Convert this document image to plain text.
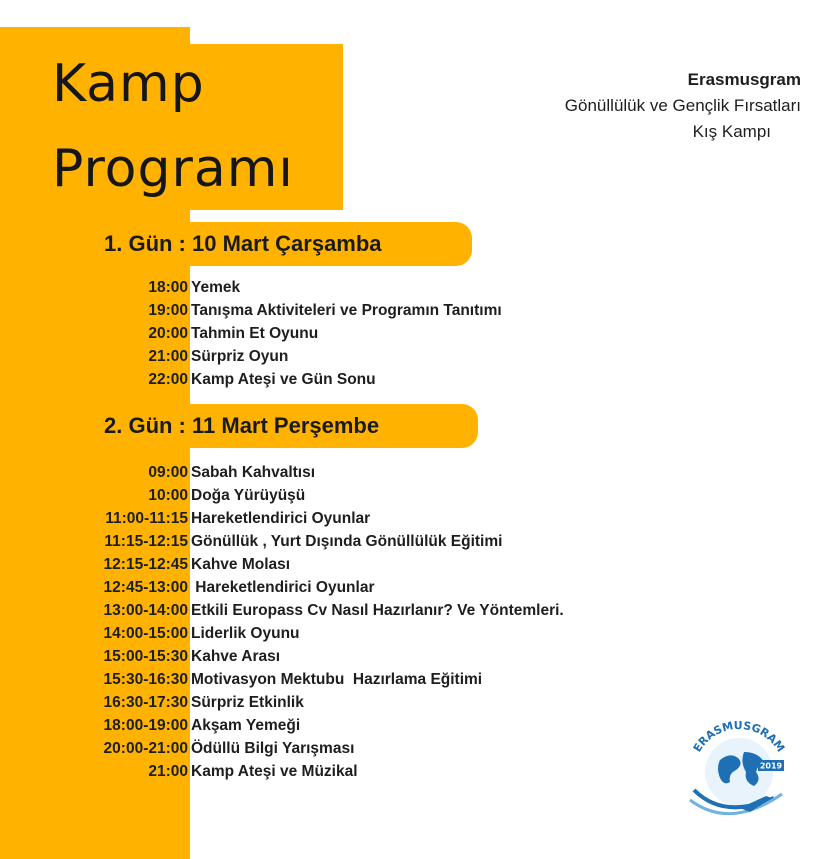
Kamp
Programı
Erasmusgram
Gönüllülük ve Gençlik Fırsatları
Kış Kampı
1. Gün : 10 Mart Çarşamba
18:00 Yemek
19:00 Tanışma Aktiviteleri ve Programın Tanıtımı
20:00 Tahmin Et Oyunu
21:00 Sürpriz Oyun
22:00 Kamp Ateşi ve Gün Sonu
2. Gün : 11 Mart Perşembe
09:00 Sabah Kahvaltısı
10:00 Doğa Yürüyüşü
11:00-11:15 Hareketlendirici Oyunlar
11:15-12:15 Gönüllük , Yurt Dışında Gönüllülük Eğitimi
12:15-12:45 Kahve Molası
12:45-13:00 Hareketlendirici Oyunlar
13:00-14:00 Etkili Europass Cv Nasıl Hazırlanır? Ve Yöntemleri.
14:00-15:00 Liderlik Oyunu
15:00-15:30 Kahve Arası
15:30-16:30 Motivasyon Mektubu  Hazırlama Eğitimi
16:30-17:30 Sürpriz Etkinlik
18:00-19:00 Akşam Yemeği
20:00-21:00 Ödüllü Bilgi Yarışması
21:00 Kamp Ateşi ve Müzikal
ERASMUSGRAM
2019
